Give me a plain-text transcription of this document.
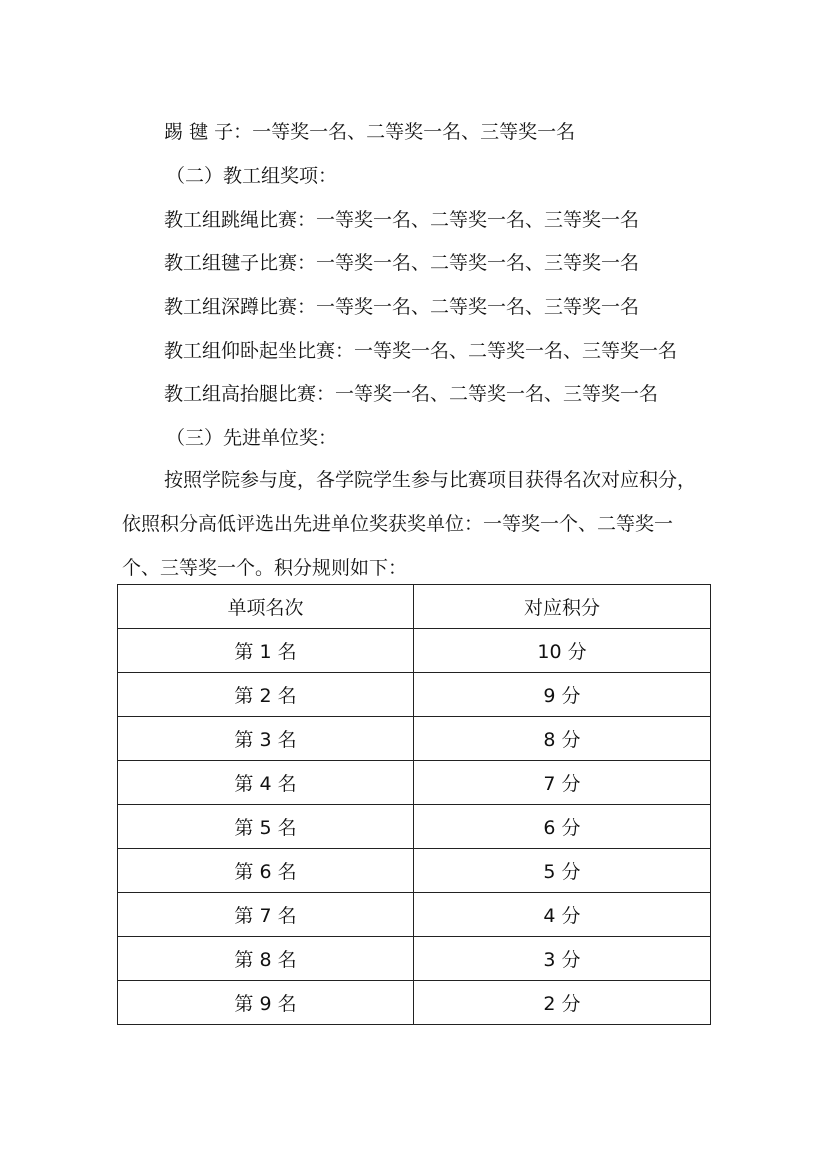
踢 毽 子：一等奖一名、二等奖一名、三等奖一名

（二）教工组奖项：

教工组跳绳比赛：一等奖一名、二等奖一名、三等奖一名

教工组毽子比赛：一等奖一名、二等奖一名、三等奖一名

教工组深蹲比赛：一等奖一名、二等奖一名、三等奖一名

教工组仰卧起坐比赛：一等奖一名、二等奖一名、三等奖一名

教工组高抬腿比赛：一等奖一名、二等奖一名、三等奖一名

（三）先进单位奖：

按照学院参与度，各学院学生参与比赛项目获得名次对应积分，
依照积分高低评选出先进单位奖获奖单位：一等奖一个、二等奖一
个、三等奖一个。积分规则如下：
单项名次	对应积分
第 1 名	10 分
第 2 名	9 分
第 3 名	8 分
第 4 名	7 分
第 5 名	6 分
第 6 名	5 分
第 7 名	4 分
第 8 名	3 分
第 9 名	2 分
